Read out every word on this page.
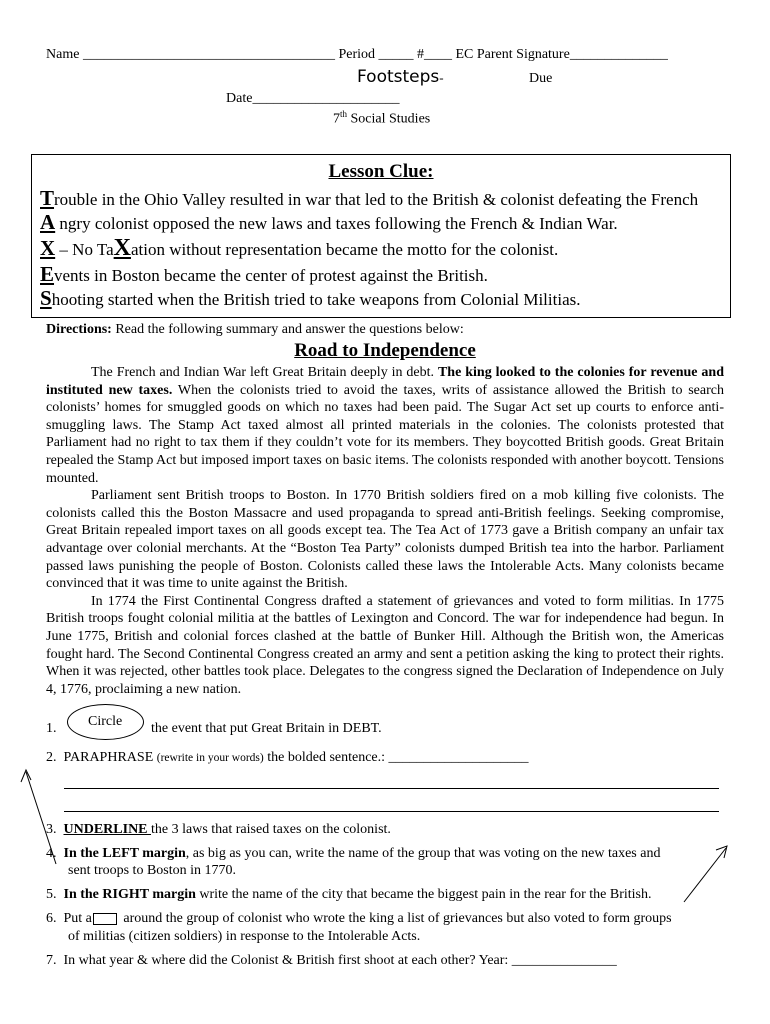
Name ____________________________________ Period _____ #____ EC Parent Signature______________
Footsteps-	Due
Date_____________________
7th Social Studies
Lesson Clue:
Trouble in the Ohio Valley resulted in war that led to the British & colonist defeating the French
A ngry colonist opposed the new laws and taxes following the French & Indian War.
X – No TaXation without representation became the motto for the colonist.
Events in Boston became the center of protest against the British.
Shooting started when the British tried to take weapons from Colonial Militias.
Directions: Read the following summary and answer the questions below:
Road to Independence

The French and Indian War left Great Britain deeply in debt. The king looked to the colonies for revenue and instituted new taxes. When the colonists tried to avoid the taxes, writs of assistance allowed the British to search colonists’ homes for smuggled goods on which no taxes had been paid. The Sugar Act set up courts to enforce anti-smuggling laws. The Stamp Act taxed almost all printed materials in the colonies. The colonists protested that Parliament had no right to tax them if they couldn’t vote for its members. They boycotted British goods. Great Britain repealed the Stamp Act but imposed import taxes on basic items. The colonists responded with another boycott. Tensions mounted.

Parliament sent British troops to Boston. In 1770 British soldiers fired on a mob killing five colonists. The colonists called this the Boston Massacre and used propaganda to spread anti-British feelings. Seeking compromise, Great Britain repealed import taxes on all goods except tea. The Tea Act of 1773 gave a British company an unfair tax advantage over colonial merchants. At the “Boston Tea Party” colonists dumped British tea into the harbor. Parliament passed laws punishing the people of Boston. Colonists called these laws the Intolerable Acts. Many colonists became convinced that it was time to unite against the British.

In 1774 the First Continental Congress drafted a statement of grievances and voted to form militias. In 1775 British troops fought colonial militia at the battles of Lexington and Concord. The war for independence had begun. In June 1775, British and colonial forces clashed at the battle of Bunker Hill. Although the British won, the Americas fought hard. The Second Continental Congress created an army and sent a petition asking the king to protect their rights. When it was rejected, other battles took place. Delegates to the congress signed the Declaration of Independence on July 4, 1776, proclaiming a new nation.

1. Circle the event that put Great Britain in DEBT.
2. PARAPHRASE (rewrite in your words) the bolded sentence.: ____________________
3. UNDERLINE the 3 laws that raised taxes on the colonist.
4. In the LEFT margin, as big as you can, write the name of the group that was voting on the new taxes and
sent troops to Boston in 1770.
5. In the RIGHT margin write the name of the city that became the biggest pain in the rear for the British.
6. Put a around the group of colonist who wrote the king a list of grievances but also voted to form groups
of militias (citizen soldiers) in response to the Intolerable Acts.
7. In what year & where did the Colonist & British first shoot at each other? Year: _______________
